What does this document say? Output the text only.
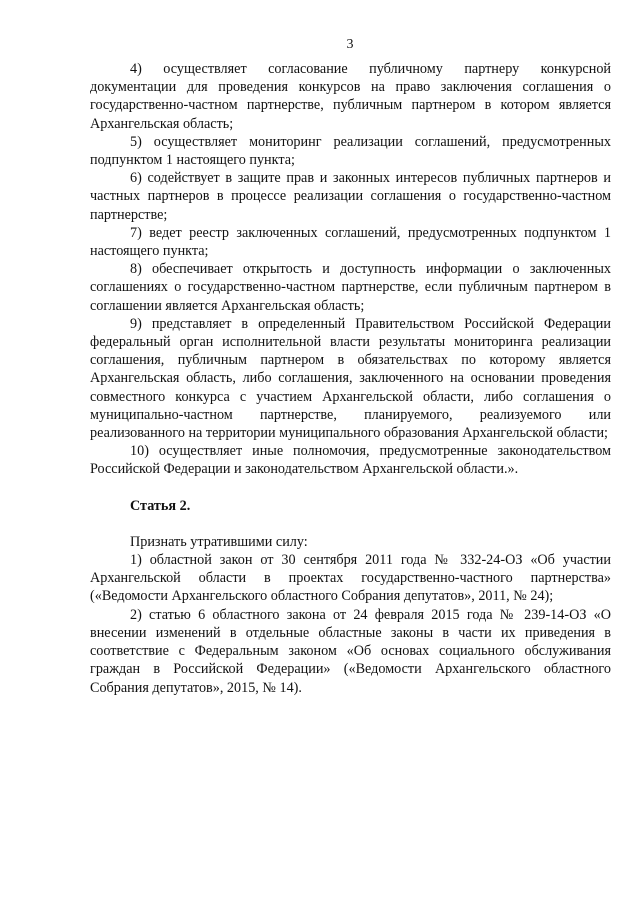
3

4) осуществляет согласование публичному партнеру конкурсной документации для проведения конкурсов на право заключения соглашения о государственно-частном партнерстве, публичным партнером в котором является Архангельская область;

5) осуществляет мониторинг реализации соглашений, предусмотренных подпунктом 1 настоящего пункта;

6) содействует в защите прав и законных интересов публичных партнеров и частных партнеров в процессе реализации соглашения о государственно-частном партнерстве;

7) ведет реестр заключенных соглашений, предусмотренных подпунктом 1 настоящего пункта;

8) обеспечивает открытость и доступность информации о заключенных соглашениях о государственно-частном партнерстве, если публичным партнером в соглашении является Архангельская область;

9) представляет в определенный Правительством Российской Федерации федеральный орган исполнительной власти результаты мониторинга реализации соглашения, публичным партнером в обязательствах по которому является Архангельская область, либо соглашения, заключенного на основании проведения совместного конкурса с участием Архангельской области, либо соглашения о муниципально-частном партнерстве, планируемого, реализуемого или реализованного на территории муниципального образования Архангельской области;

10) осуществляет иные полномочия, предусмотренные законодательством Российской Федерации и законодательством Архангельской области.».

Статья 2.

Признать утратившими силу:

1) областной закон от 30 сентября 2011 года № 332-24-ОЗ «Об участии Архангельской области в проектах государственно-частного партнерства» («Ведомости Архангельского областного Собрания депутатов», 2011, № 24);

2) статью 6 областного закона от 24 февраля 2015 года № 239-14-ОЗ «О внесении изменений в отдельные областные законы в части их приведения в соответствие с Федеральным законом «Об основах социального обслуживания граждан в Российской Федерации» («Ведомости Архангельского областного Собрания депутатов», 2015, № 14).
